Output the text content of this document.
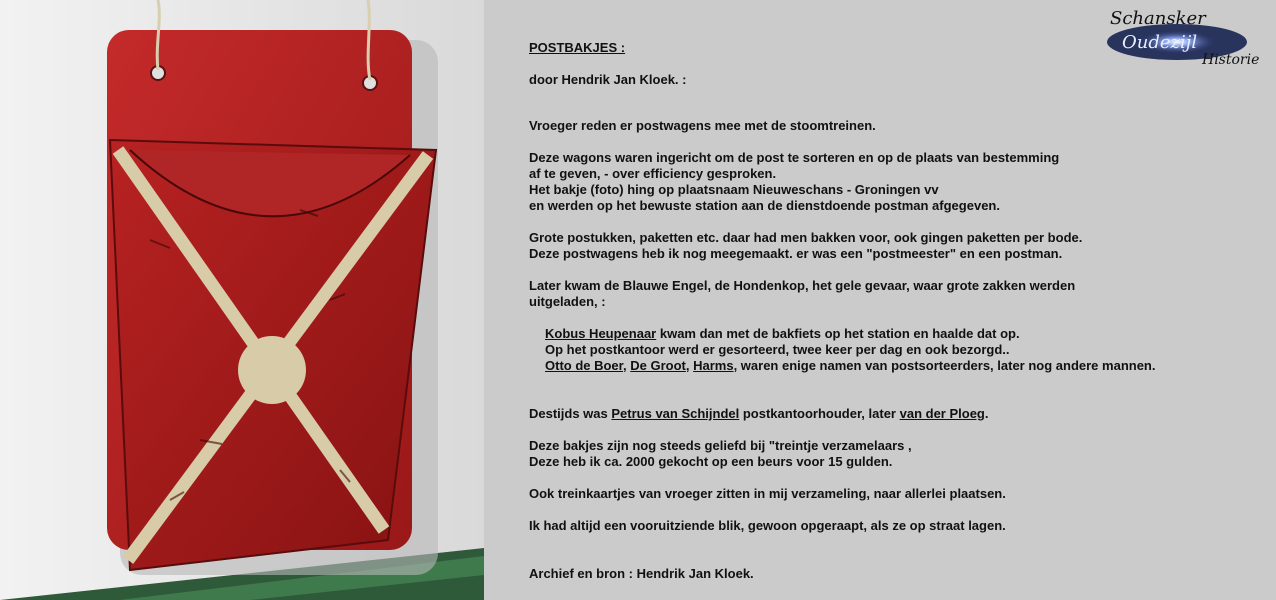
Schansker
Oudezijl
Historie
POSTBAKJES :
door Hendrik Jan Kloek. :
Vroeger reden er postwagens mee met de stoomtreinen.
Deze wagons waren ingericht om de post te sorteren en op de plaats van bestemming
af te geven, - over efficiency gesproken.
Het bakje (foto) hing op plaatsnaam Nieuweschans - Groningen vv
en werden op het bewuste station aan de dienstdoende postman afgegeven.
Grote postukken, paketten etc. daar had men bakken voor, ook gingen paketten per bode.
Deze postwagens heb ik nog meegemaakt. er was een "postmeester" en een postman.
Later kwam de Blauwe Engel, de Hondenkop, het gele gevaar, waar grote zakken werden
uitgeladen, :
Kobus Heupenaar kwam dan met de bakfiets op het station en haalde dat op.
Op het postkantoor werd er gesorteerd, twee keer per dag en ook bezorgd..
Otto de Boer, De Groot, Harms, waren enige namen van postsorteerders, later nog andere mannen.
Destijds was Petrus van Schijndel postkantoorhouder, later van der Ploeg.
Deze bakjes zijn nog steeds geliefd bij "treintje verzamelaars ,
Deze heb ik ca. 2000 gekocht op een beurs voor 15 gulden.
Ook treinkaartjes van vroeger zitten in mij verzameling, naar allerlei plaatsen.
Ik had altijd een vooruitziende blik, gewoon opgeraapt, als ze op straat lagen.
Archief en bron : Hendrik Jan Kloek.
